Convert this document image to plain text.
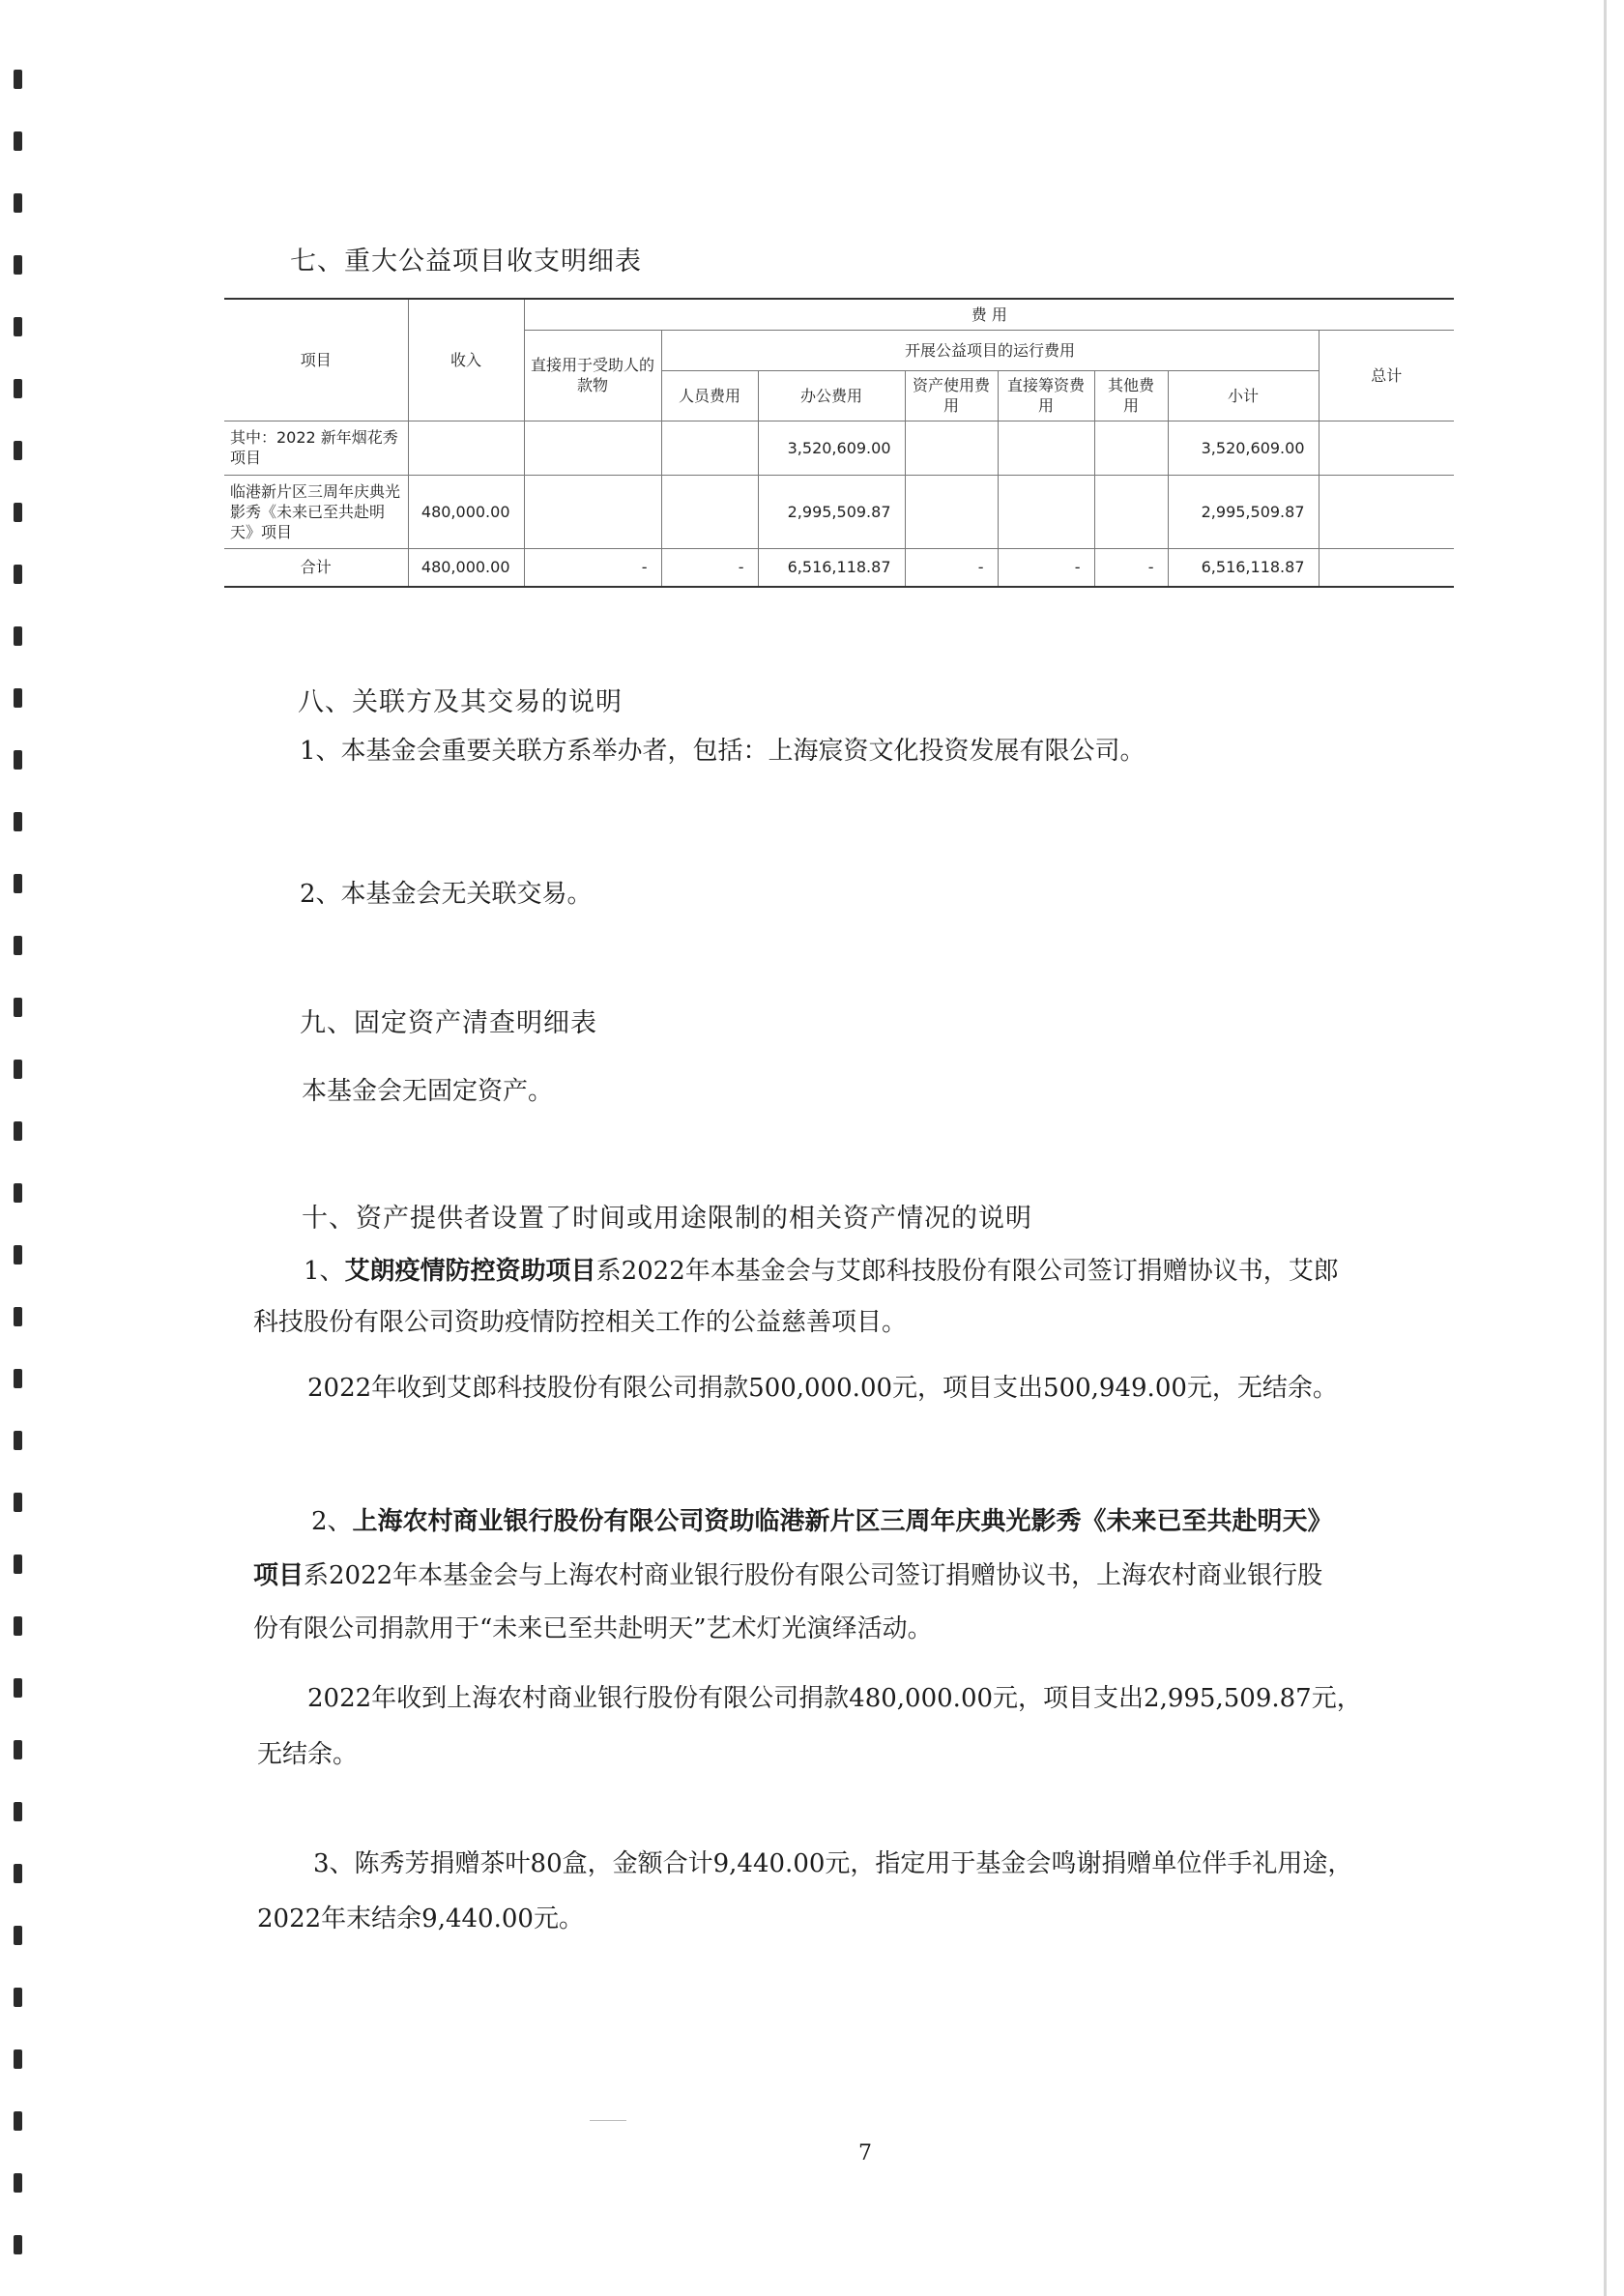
七、重大公益项目收支明细表
项目	收入	费 用							
		直接用于受助人的款物	开展公益项目的运行费用						总计
			人员费用	办公费用	资产使用费用	直接筹资费用	其他费用	小计	
其中：2022 新年烟花秀项目				3,520,609.00				3,520,609.00	
临港新片区三周年庆典光影秀《未来已至共赴明天》项目	480,000.00			2,995,509.87				2,995,509.87	
合计	480,000.00	-	-	6,516,118.87	-	-	-	6,516,118.87	
八、关联方及其交易的说明
1、本基金会重要关联方系举办者，包括：上海宸资文化投资发展有限公司。
2、本基金会无关联交易。
九、固定资产清查明细表
本基金会无固定资产。
十、资产提供者设置了时间或用途限制的相关资产情况的说明
1、艾朗疫情防控资助项目系2022年本基金会与艾郎科技股份有限公司签订捐赠协议书，艾郎
科技股份有限公司资助疫情防控相关工作的公益慈善项目。
2022年收到艾郎科技股份有限公司捐款500,000.00元，项目支出500,949.00元，无结余。
2、上海农村商业银行股份有限公司资助临港新片区三周年庆典光影秀《未来已至共赴明天》
项目系2022年本基金会与上海农村商业银行股份有限公司签订捐赠协议书，上海农村商业银行股
份有限公司捐款用于“未来已至共赴明天”艺术灯光演绎活动。
2022年收到上海农村商业银行股份有限公司捐款480,000.00元，项目支出2,995,509.87元，
无结余。
3、陈秀芳捐赠茶叶80盒，金额合计9,440.00元，指定用于基金会鸣谢捐赠单位伴手礼用途，
2022年末结余9,440.00元。
7
